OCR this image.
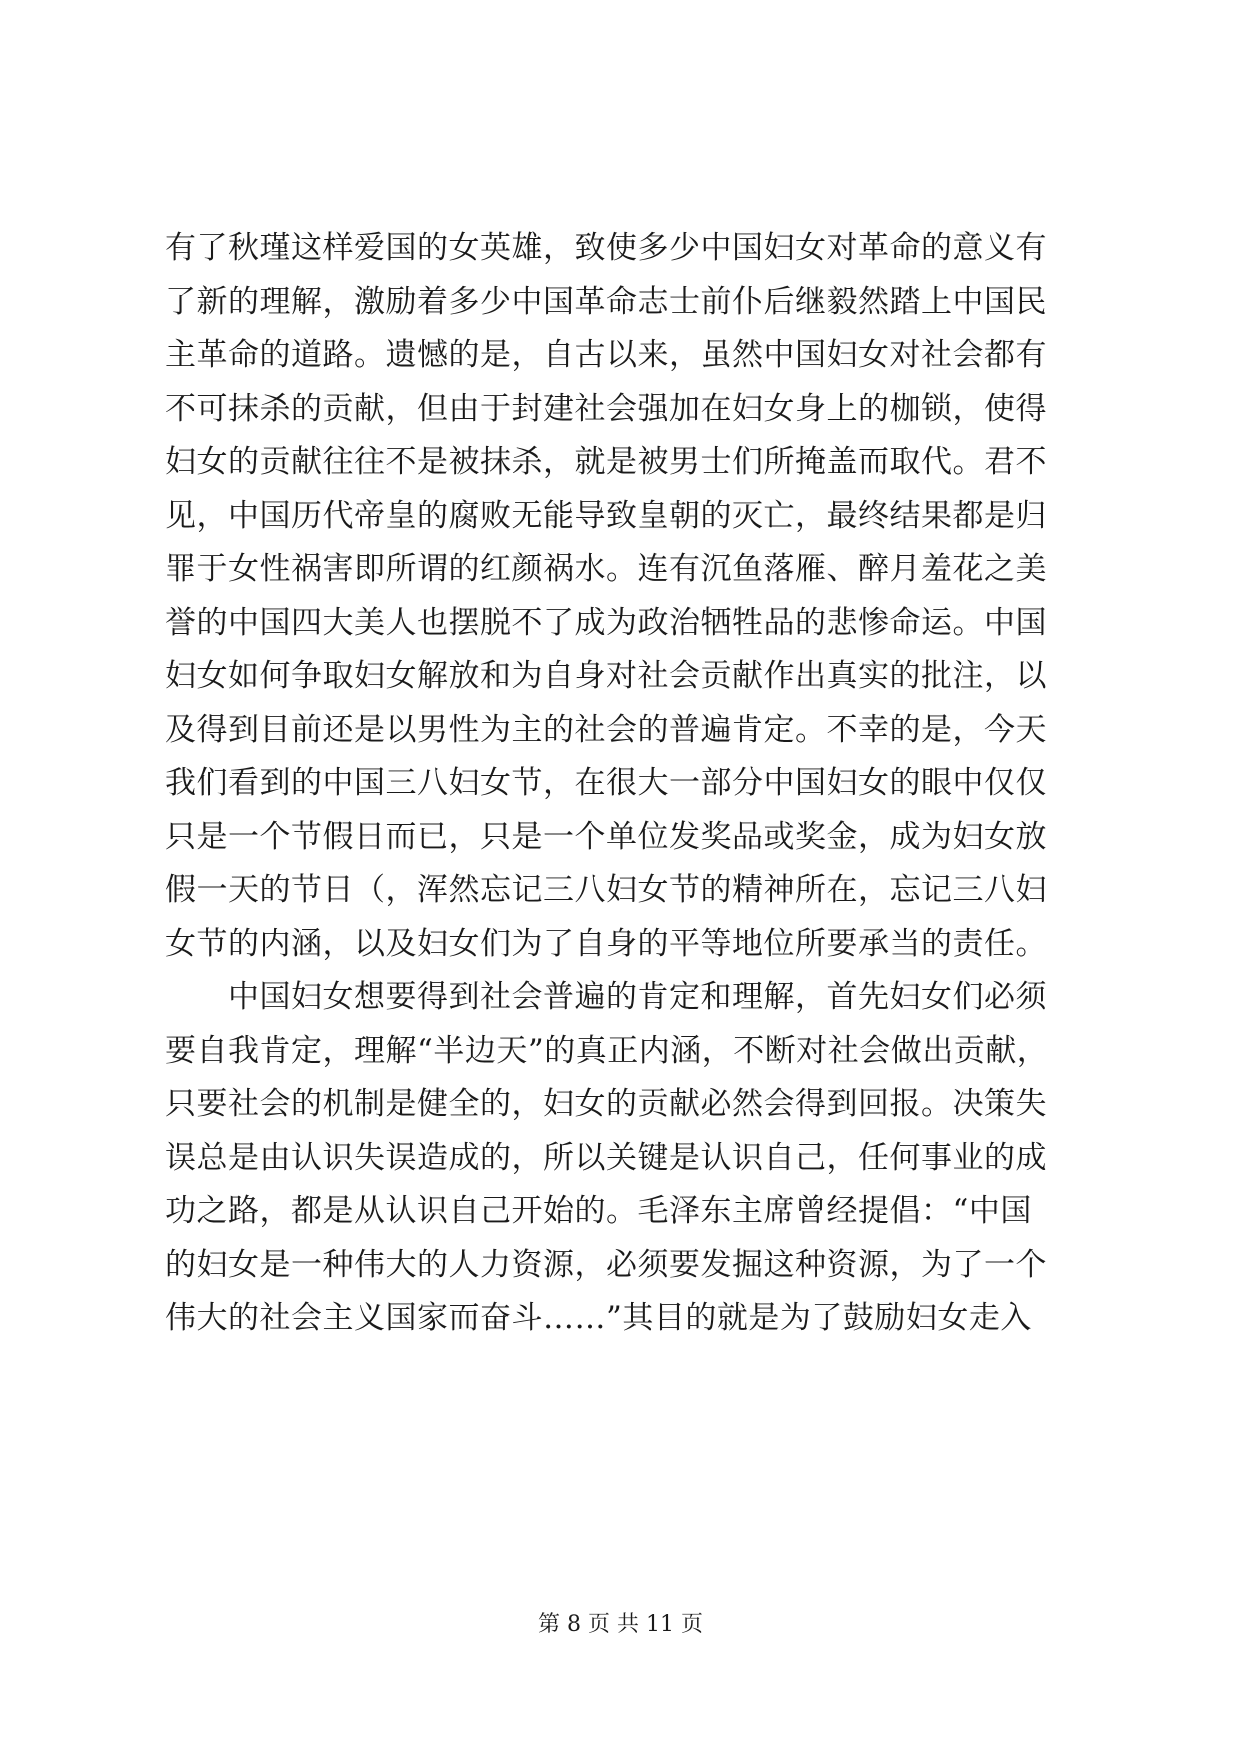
有了秋瑾这样爱国的女英雄，致使多少中国妇女对革命的意义有
了新的理解，激励着多少中国革命志士前仆后继毅然踏上中国民
主革命的道路。遗憾的是，自古以来，虽然中国妇女对社会都有
不可抹杀的贡献，但由于封建社会强加在妇女身上的枷锁，使得
妇女的贡献往往不是被抹杀，就是被男士们所掩盖而取代。君不
见，中国历代帝皇的腐败无能导致皇朝的灭亡，最终结果都是归
罪于女性祸害即所谓的红颜祸水。连有沉鱼落雁、醉月羞花之美
誉的中国四大美人也摆脱不了成为政治牺牲品的悲惨命运。中国
妇女如何争取妇女解放和为自身对社会贡献作出真实的批注，以
及得到目前还是以男性为主的社会的普遍肯定。不幸的是，今天
我们看到的中国三八妇女节，在很大一部分中国妇女的眼中仅仅
只是一个节假日而已，只是一个单位发奖品或奖金，成为妇女放
假一天的节日（，浑然忘记三八妇女节的精神所在，忘记三八妇
女节的内涵，以及妇女们为了自身的平等地位所要承当的责任。
　　中国妇女想要得到社会普遍的肯定和理解，首先妇女们必须
要自我肯定，理解“半边天”的真正内涵，不断对社会做出贡献，
只要社会的机制是健全的，妇女的贡献必然会得到回报。决策失
误总是由认识失误造成的，所以关键是认识自己，任何事业的成
功之路，都是从认识自己开始的。毛泽东主席曾经提倡：“中国
的妇女是一种伟大的人力资源，必须要发掘这种资源，为了一个
伟大的社会主义国家而奋斗……”其目的就是为了鼓励妇女走入
第 8 页 共 11 页
